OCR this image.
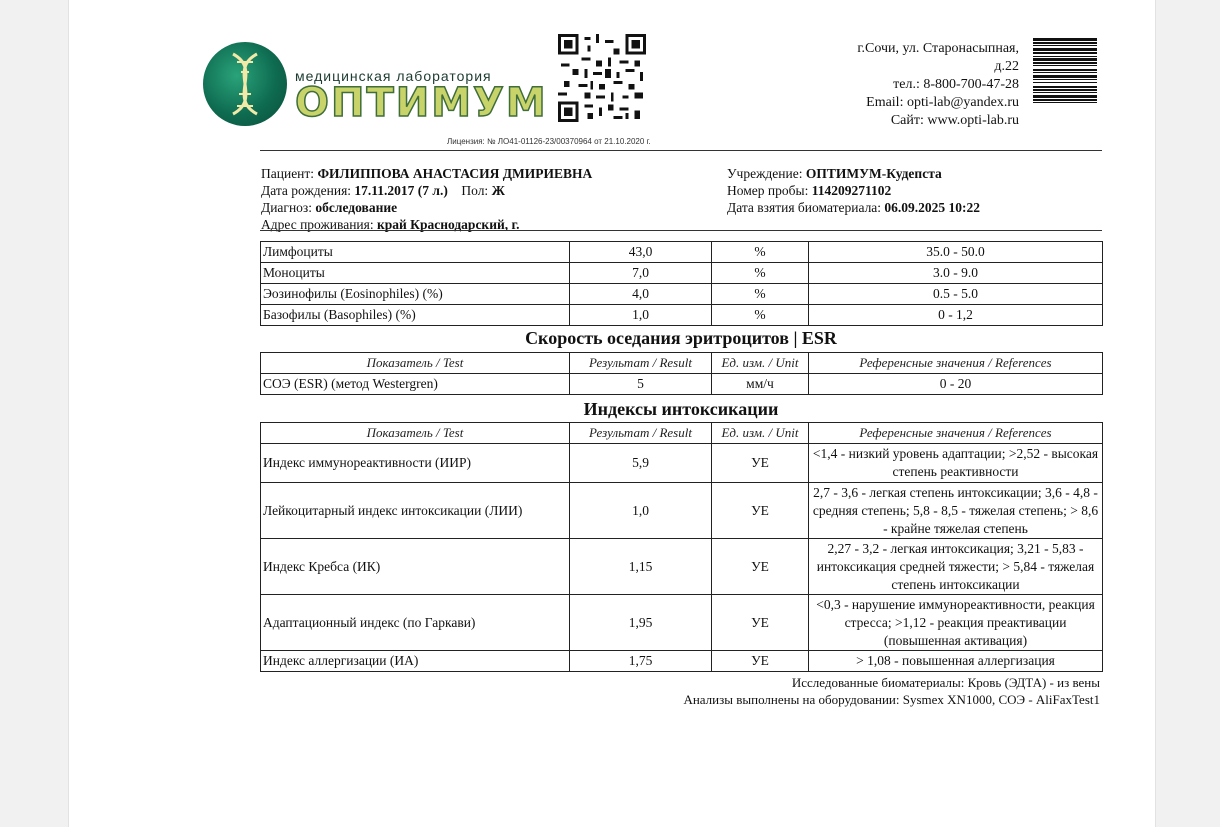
медицинская лаборатория
ОПТИМУМ
г.Сочи, ул. Старонасыпная,
д.22
тел.: 8-800-700-47-28
Email: opti-lab@yandex.ru
Сайт: www.opti-lab.ru
Лицензия: № ЛО41-01126-23/00370964 от 21.10.2020 г.
Пациент: ФИЛИППОВА АНАСТАСИЯ ДМИРИЕВНА
Дата рождения: 17.11.2017 (7 л.) Пол: Ж
Диагноз: обследование
Адрес проживания: край Краснодарский, г.
Учреждение: ОПТИМУМ-Кудепста
Номер пробы: 114209271102
Дата взятия биоматериала: 06.09.2025 10:22
Лимфоциты	43,0	%	35.0 - 50.0
Моноциты	7,0	%	3.0 - 9.0
Эозинофилы (Eosinophiles) (%)	4,0	%	0.5 - 5.0
Базофилы (Basophiles) (%)	1,0	%	0 - 1,2
Скорость оседания эритроцитов | ESR
Показатель / Test	Результат / Result	Ед. изм. / Unit	Референсные значения / References
СОЭ (ESR) (метод Westergren)	5	мм/ч	0 - 20
Индексы интоксикации
Показатель / Test	Результат / Result	Ед. изм. / Unit	Референсные значения / References
Индекс иммунореактивности (ИИР)	5,9	УЕ	<1,4 - низкий уровень адаптации; >2,52 - высокая степень реактивности
Лейкоцитарный индекс интоксикации (ЛИИ)	1,0	УЕ	2,7 - 3,6 - легкая степень интоксикации; 3,6 - 4,8 - средняя степень; 5,8 - 8,5 - тяжелая степень; > 8,6 - крайне тяжелая степень
Индекс Кребса (ИК)	1,15	УЕ	2,27 - 3,2 - легкая интоксикация; 3,21 - 5,83 - интоксикация средней тяжести; > 5,84 - тяжелая степень интоксикации
Адаптационный индекс (по Гаркави)	1,95	УЕ	<0,3 - нарушение иммунореактивности, реакция стресса; >1,12 - реакция преактивации (повышенная активация)
Индекс аллергизации (ИА)	1,75	УЕ	> 1,08 - повышенная аллергизация
Исследованные биоматериалы: Кровь (ЭДТА) - из вены
Анализы выполнены на оборудовании: Sysmex XN1000, СОЭ - AliFaxTest1
